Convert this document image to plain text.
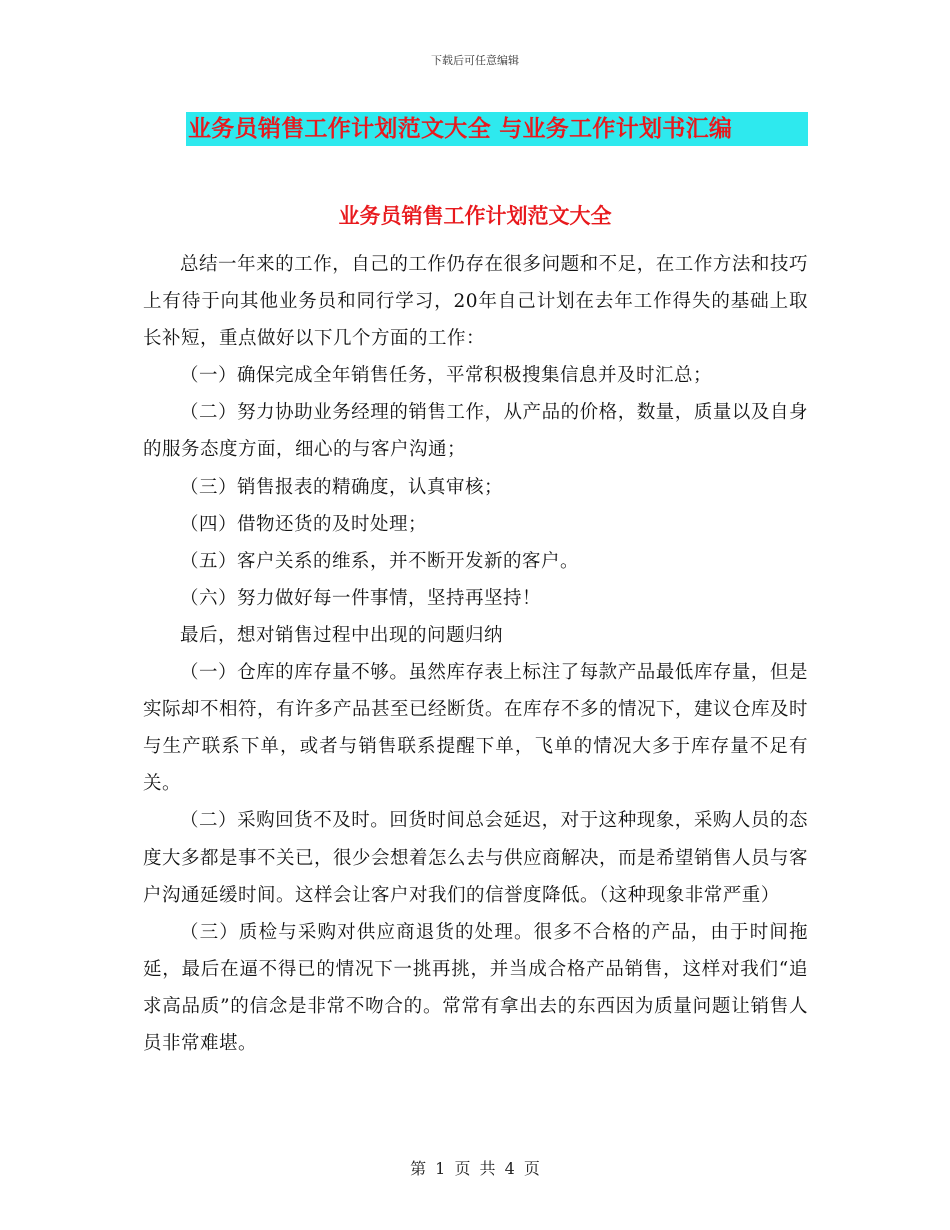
下载后可任意编辑
业务员销售工作计划范文大全 与业务工作计划书汇编
业务员销售工作计划范文大全

总结一年来的工作，自己的工作仍存在很多问题和不足，在工作方法和技巧上有待于向其他业务员和同行学习，20年自己计划在去年工作得失的基础上取长补短，重点做好以下几个方面的工作：

（一）确保完成全年销售任务，平常积极搜集信息并及时汇总；

（二）努力协助业务经理的销售工作，从产品的价格，数量，质量以及自身的服务态度方面，细心的与客户沟通；

（三）销售报表的精确度，认真审核；

（四）借物还货的及时处理；

（五）客户关系的维系，并不断开发新的客户。

（六）努力做好每一件事情，坚持再坚持！

最后，想对销售过程中出现的问题归纳

（一）仓库的库存量不够。虽然库存表上标注了每款产品最低库存量，但是实际却不相符，有许多产品甚至已经断货。在库存不多的情况下，建议仓库及时与生产联系下单，或者与销售联系提醒下单，飞单的情况大多于库存量不足有关。

（二）采购回货不及时。回货时间总会延迟，对于这种现象，采购人员的态度大多都是事不关已，很少会想着怎么去与供应商解决，而是希望销售人员与客户沟通延缓时间。这样会让客户对我们的信誉度降低。（这种现象非常严重）

（三）质检与采购对供应商退货的处理。很多不合格的产品，由于时间拖延，最后在逼不得已的情况下一挑再挑，并当成合格产品销售，这样对我们“追求高品质”的信念是非常不吻合的。常常有拿出去的东西因为质量问题让销售人员非常难堪。

第 1 页 共 4 页
